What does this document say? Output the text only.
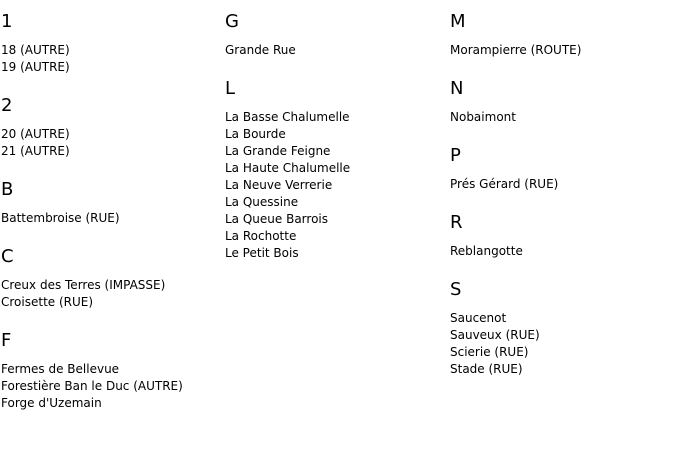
1
18 (AUTRE)
19 (AUTRE)
2
20 (AUTRE)
21 (AUTRE)
B
Battembroise (RUE)
C
Creux des Terres (IMPASSE)
Croisette (RUE)
F
Fermes de Bellevue
Forestière Ban le Duc (AUTRE)
Forge d'Uzemain
G
Grande Rue
L
La Basse Chalumelle
La Bourde
La Grande Feigne
La Haute Chalumelle
La Neuve Verrerie
La Quessine
La Queue Barrois
La Rochotte
Le Petit Bois
M
Morampierre (ROUTE)
N
Nobaimont
P
Prés Gérard (RUE)
R
Reblangotte
S
Saucenot
Sauveux (RUE)
Scierie (RUE)
Stade (RUE)
